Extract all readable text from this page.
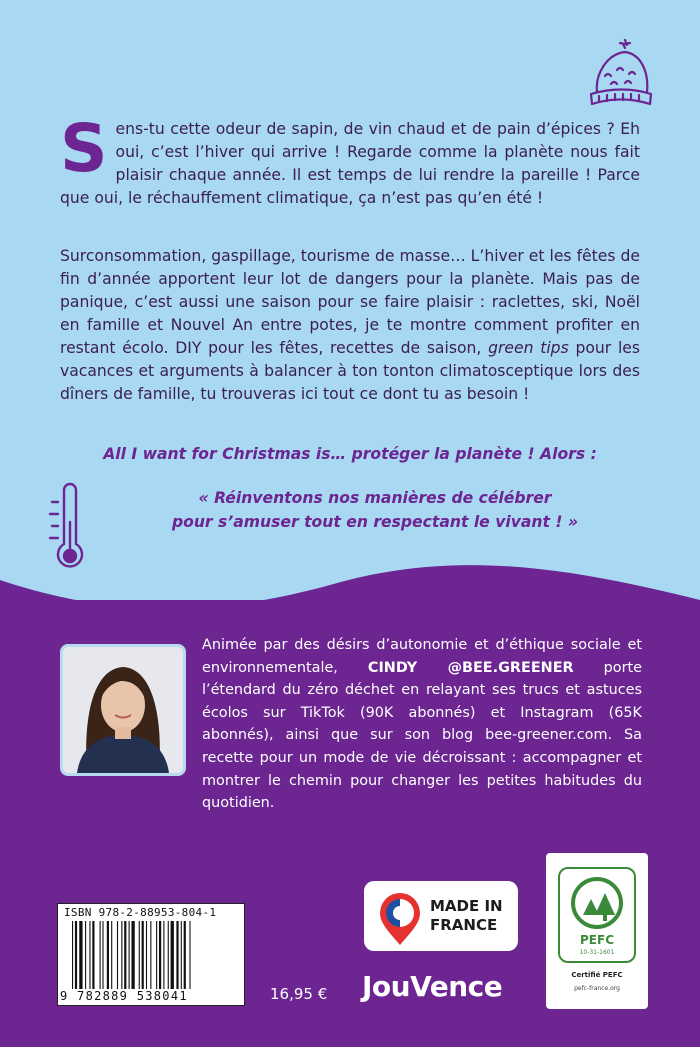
Sens-tu cette odeur de sapin, de vin chaud et de pain d’épices ? Eh oui, c’est l’hiver qui arrive ! Regarde comme la planète nous fait plaisir chaque année. Il est temps de lui rendre la pareille ! Parce que oui, le réchauffement climatique, ça n’est pas qu’en été !

Surconsommation, gaspillage, tourisme de masse… L’hiver et les fêtes de fin d’année apportent leur lot de dangers pour la planète. Mais pas de panique, c’est aussi une saison pour se faire plaisir : raclettes, ski, Noël en famille et Nouvel An entre potes, je te montre comment profiter en restant écolo. DIY pour les fêtes, recettes de saison, green tips pour les vacances et arguments à balancer à ton tonton climatosceptique lors des dîners de famille, tu trouveras ici tout ce dont tu as besoin !

All I want for Christmas is… protéger la planète ! Alors :

« Réinventons nos manières de célébrer
pour s’amuser tout en respectant le vivant ! »

Animée par des désirs d’autonomie et d’éthique sociale et environnementale, CINDY @BEE.GREENER porte l’étendard du zéro déchet en relayant ses trucs et astuces écolos sur TikTok (90K abonnés) et Instagram (65K abonnés), ainsi que sur son blog bee-greener.com. Sa recette pour un mode de vie décroissant : accompagner et montrer le chemin pour changer les petites habitudes du quotidien.

ISBN 978-2-88953-804-1
9 782889 538041	16,95 €
MADE IN
FRANCE
JouVence
PEFC
10-31-1601
Certifié PEFC
pefc-france.org
